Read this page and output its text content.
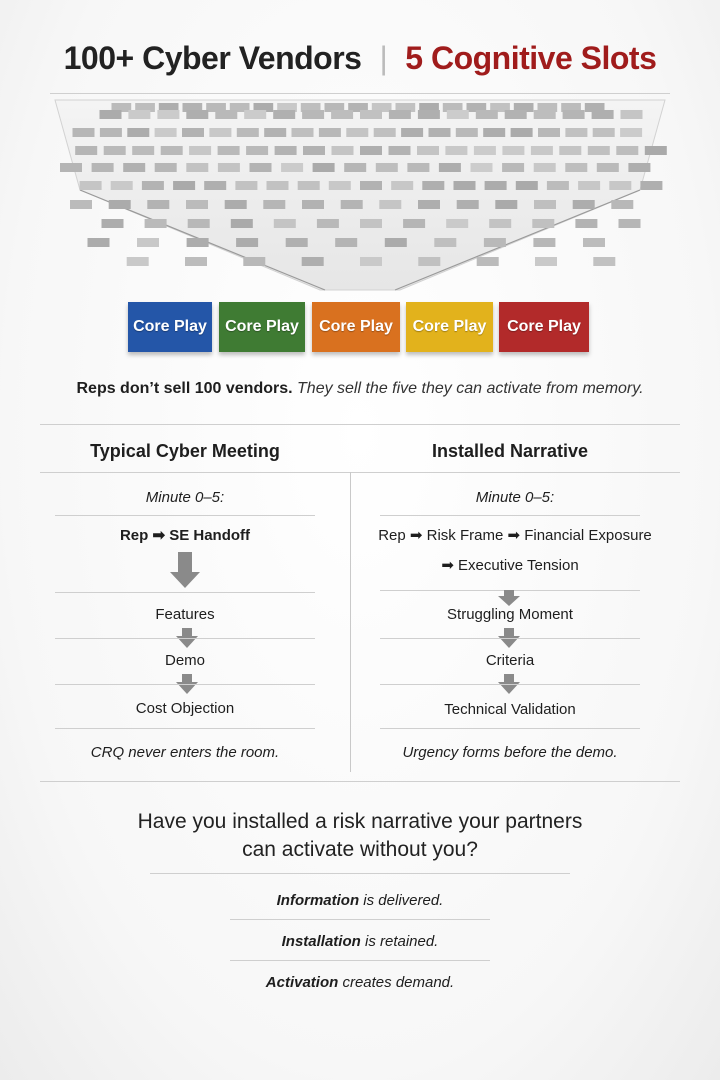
100+ Cyber Vendors | 5 Cognitive Slots
Core Play Core Play Core Play Core Play Core Play
Reps don’t sell 100 vendors. They sell the five they can activate from memory.
Typical Cyber Meeting	Installed Narrative
Minute 0–5:
Rep ➡ SE Handoff
Features
Demo
Cost Objection
CRQ never enters the room.
Minute 0–5:
Rep ➡ Risk Frame ➡ Financial Exposure
➡ Executive Tension
Struggling Moment
Criteria
Technical Validation
Urgency forms before the demo.
Have you installed a risk narrative your partners
can activate without you?
Information is delivered.
Installation is retained.
Activation creates demand.
